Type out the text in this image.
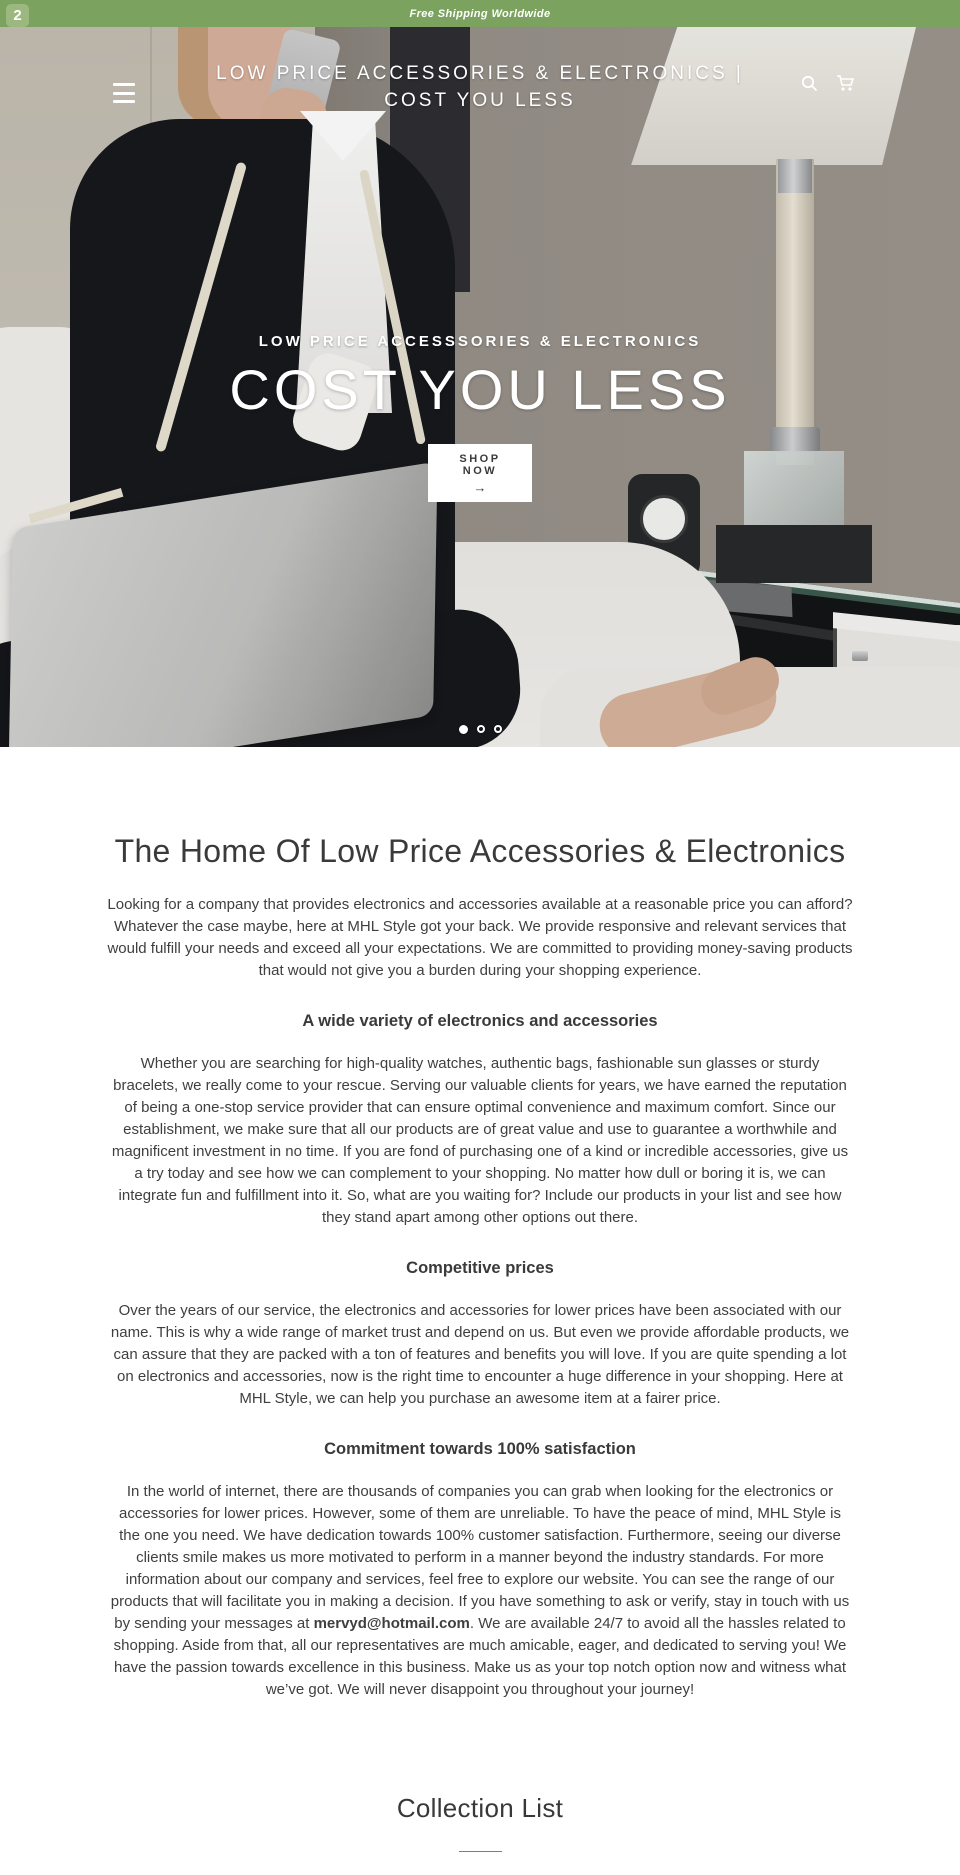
2	Free Shipping Worldwide
LOW PRICE ACCESSORIES & ELECTRONICS |
COST YOU LESS
LOW PRICE ACCESSSORIES & ELECTRONICS
COST YOU LESS
SHOP NOW
→
The Home Of Low Price Accessories & Electronics

Looking for a company that provides electronics and accessories available at a reasonable price you can afford? Whatever the case maybe, here at MHL Style got your back. We provide responsive and relevant services that would fulfill your needs and exceed all your expectations. We are committed to providing money-saving products that would not give you a burden during your shopping experience.

A wide variety of electronics and accessories

Whether you are searching for high-quality watches, authentic bags, fashionable sun glasses or sturdy bracelets, we really come to your rescue. Serving our valuable clients for years, we have earned the reputation of being a one-stop service provider that can ensure optimal convenience and maximum comfort. Since our establishment, we make sure that all our products are of great value and use to guarantee a worthwhile and magnificent investment in no time. If you are fond of purchasing one of a kind or incredible accessories, give us a try today and see how we can complement to your shopping. No matter how dull or boring it is, we can integrate fun and fulfillment into it. So, what are you waiting for? Include our products in your list and see how they stand apart among other options out there.

Competitive prices

Over the years of our service, the electronics and accessories for lower prices have been associated with our name. This is why a wide range of market trust and depend on us. But even we provide affordable products, we can assure that they are packed with a ton of features and benefits you will love. If you are quite spending a lot on electronics and accessories, now is the right time to encounter a huge difference in your shopping. Here at MHL Style, we can help you purchase an awesome item at a fairer price.

Commitment towards 100% satisfaction

In the world of internet, there are thousands of companies you can grab when looking for the electronics or accessories for lower prices. However, some of them are unreliable. To have the peace of mind, MHL Style is the one you need. We have dedication towards 100% customer satisfaction. Furthermore, seeing our diverse clients smile makes us more motivated to perform in a manner beyond the industry standards. For more information about our company and services, feel free to explore our website. You can see the range of our products that will facilitate you in making a decision. If you have something to ask or verify, stay in touch with us by sending your messages at mervyd@hotmail.com. We are available 24/7 to avoid all the hassles related to shopping. Aside from that, all our representatives are much amicable, eager, and dedicated to serving you! We have the passion towards excellence in this business. Make us as your top notch option now and witness what we’ve got. We will never disappoint you throughout your journey!

Collection List
